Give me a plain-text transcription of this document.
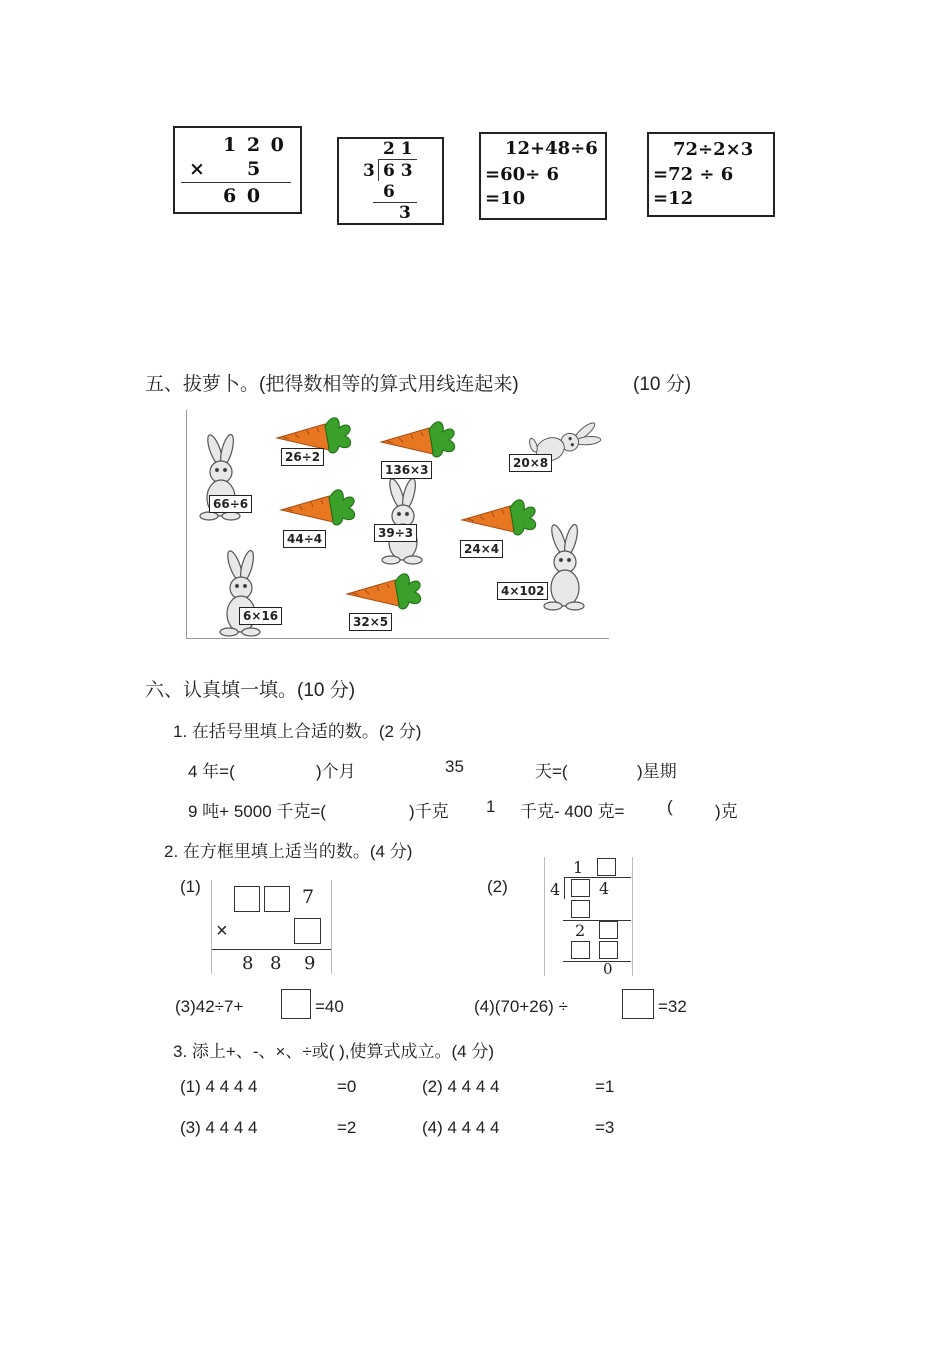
1 2 0
× 5
6 0
2 1
3 6 3
6
3
12+48÷6
=60÷ 6
=10
72÷2×3
=72 ÷ 6
=12
五、拔萝卜。(把得数相等的算式用线连起来)	(10 分)
26÷2
136×3
44÷4
24×4
32×5
20×8
66÷6
39÷3
4×102
6×16
六、认真填一填。(10 分)
1. 在括号里填上合适的数。(2 分)
4 年=(	)个月	35	天=(	)星期
9 吨+ 5000 千克=(	)千克 1 千克- 400 克=	( )克
2. 在方框里填上适当的数。(4 分)
(1)	(2)
7
×
8 8 9
1
4 4
2
0
(3)42÷7+	=40	(4)(70+26) ÷	=32
3. 添上+、-、×、÷或( ),使算式成立。(4 分)
(1) 4 4 4 4	=0	(2) 4 4 4 4	=1
(3) 4 4 4 4	=2	(4) 4 4 4 4	=3
